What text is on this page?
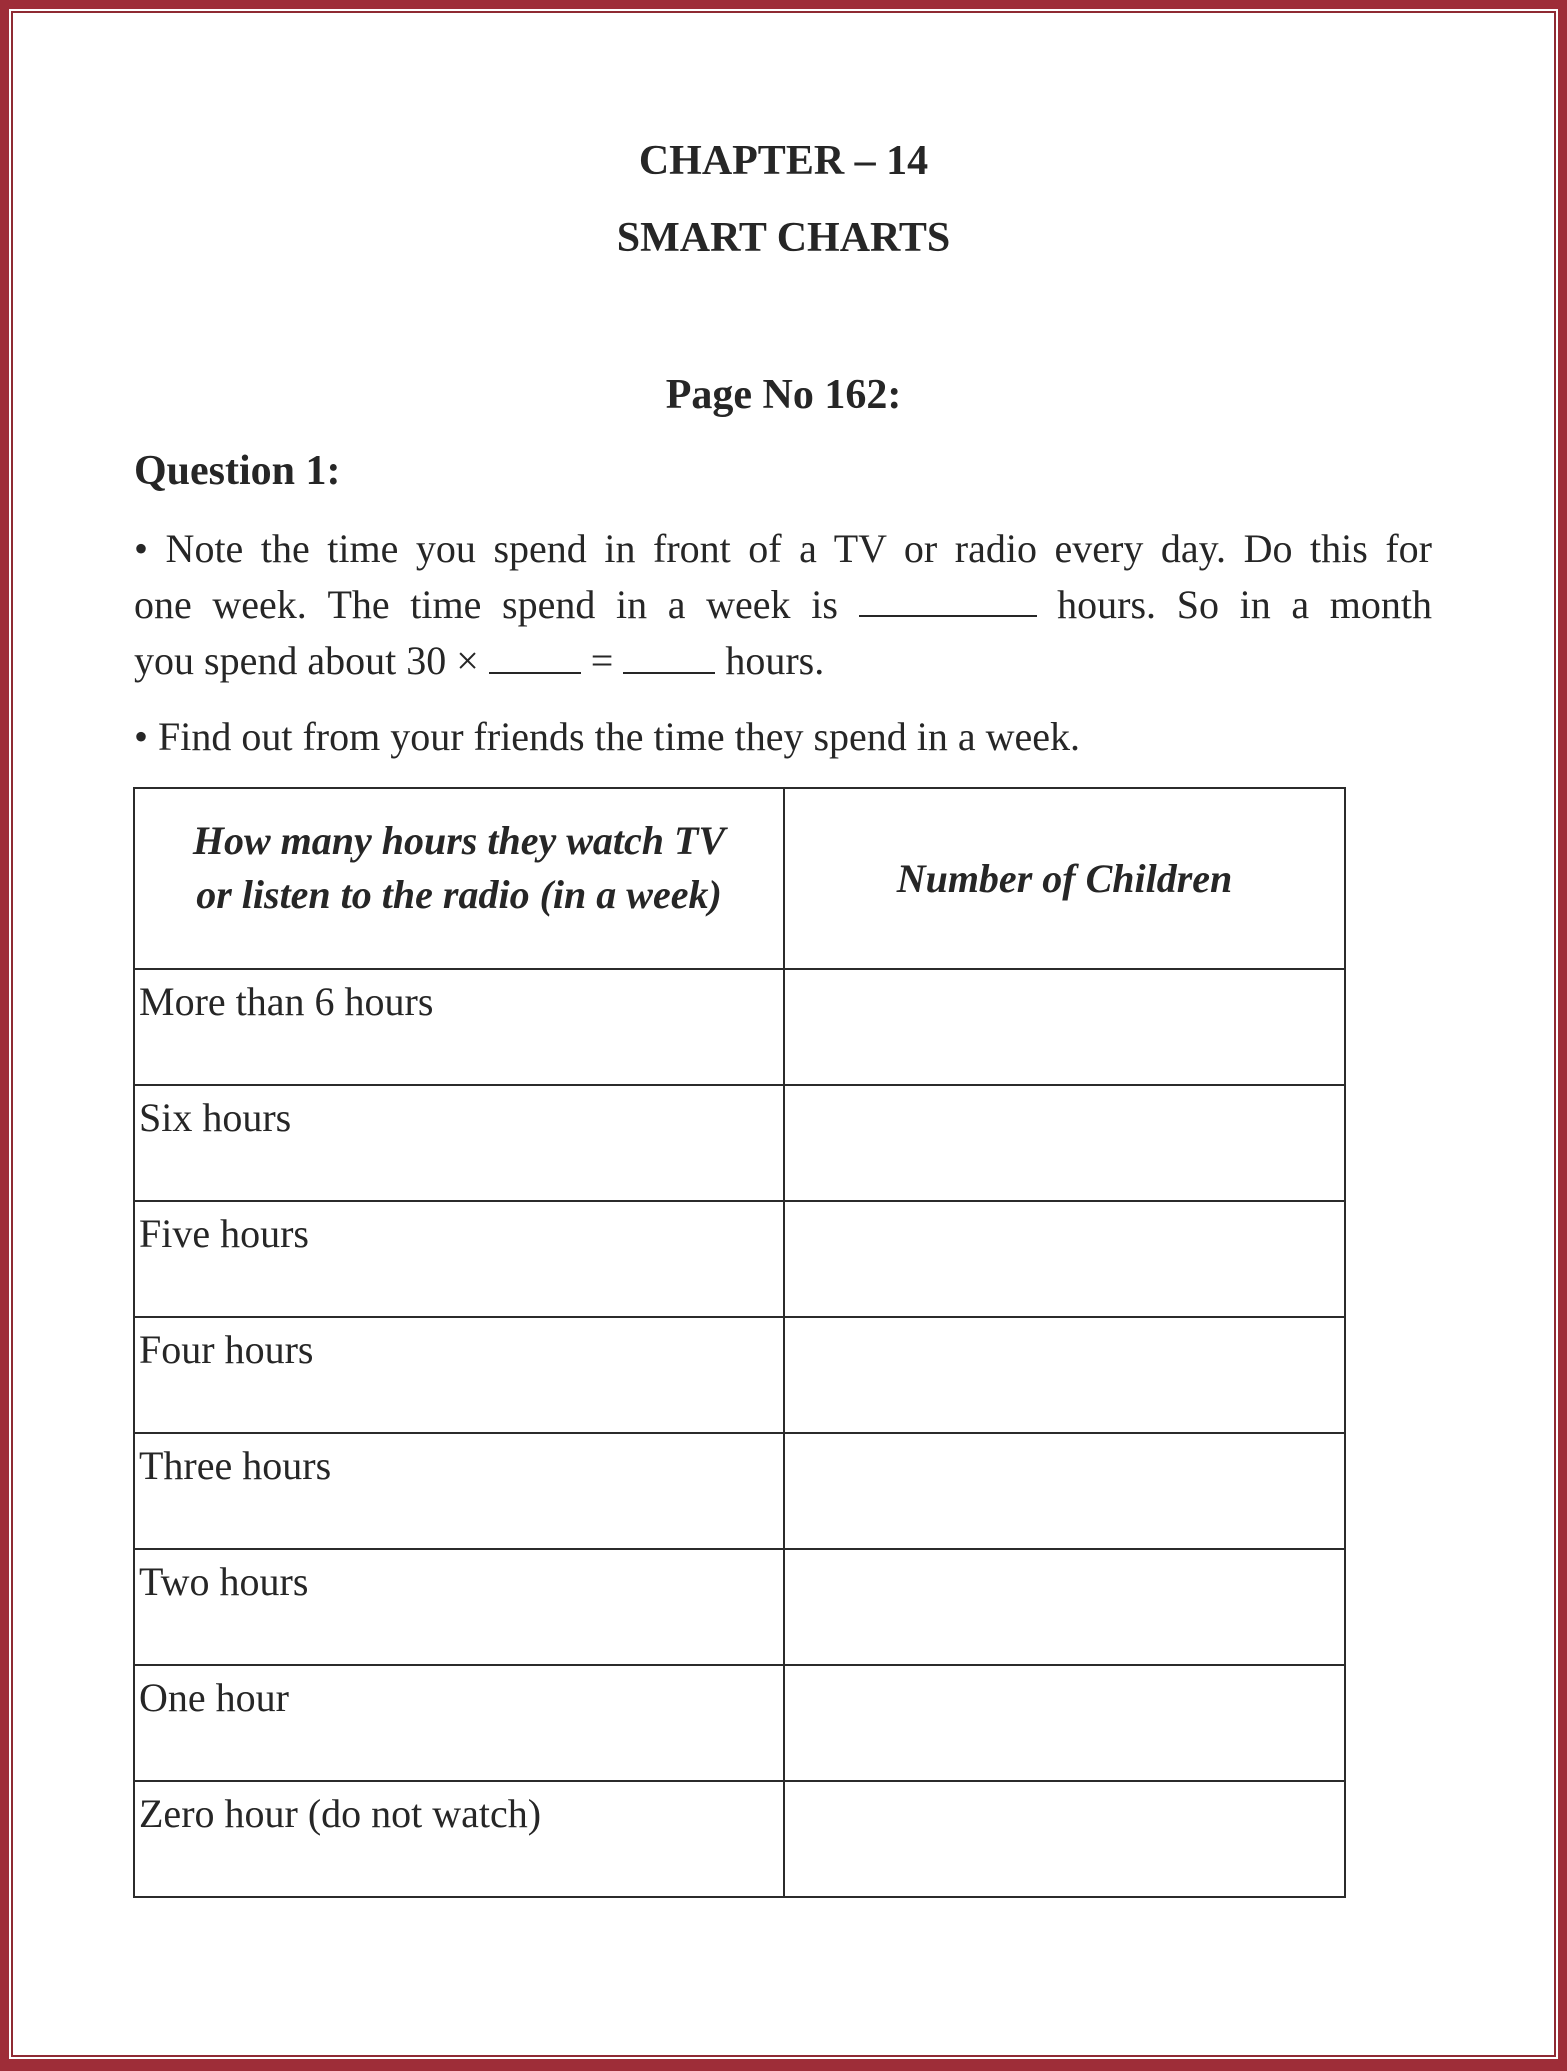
CHAPTER – 14
SMART CHARTS
Page No 162:
Question 1:
• Note the time you spend in front of a TV or radio every day. Do this for
one week. The time spend in a week is	hours. So in a month
you spend about 30 ×  =  hours.
• Find out from your friends the time they spend in a week.
How many hours they watch TV
or listen to the radio (in a week)	Number of Children
More than 6 hours	
Six hours	
Five hours	
Four hours	
Three hours	
Two hours	
One hour	
Zero hour (do not watch)	
